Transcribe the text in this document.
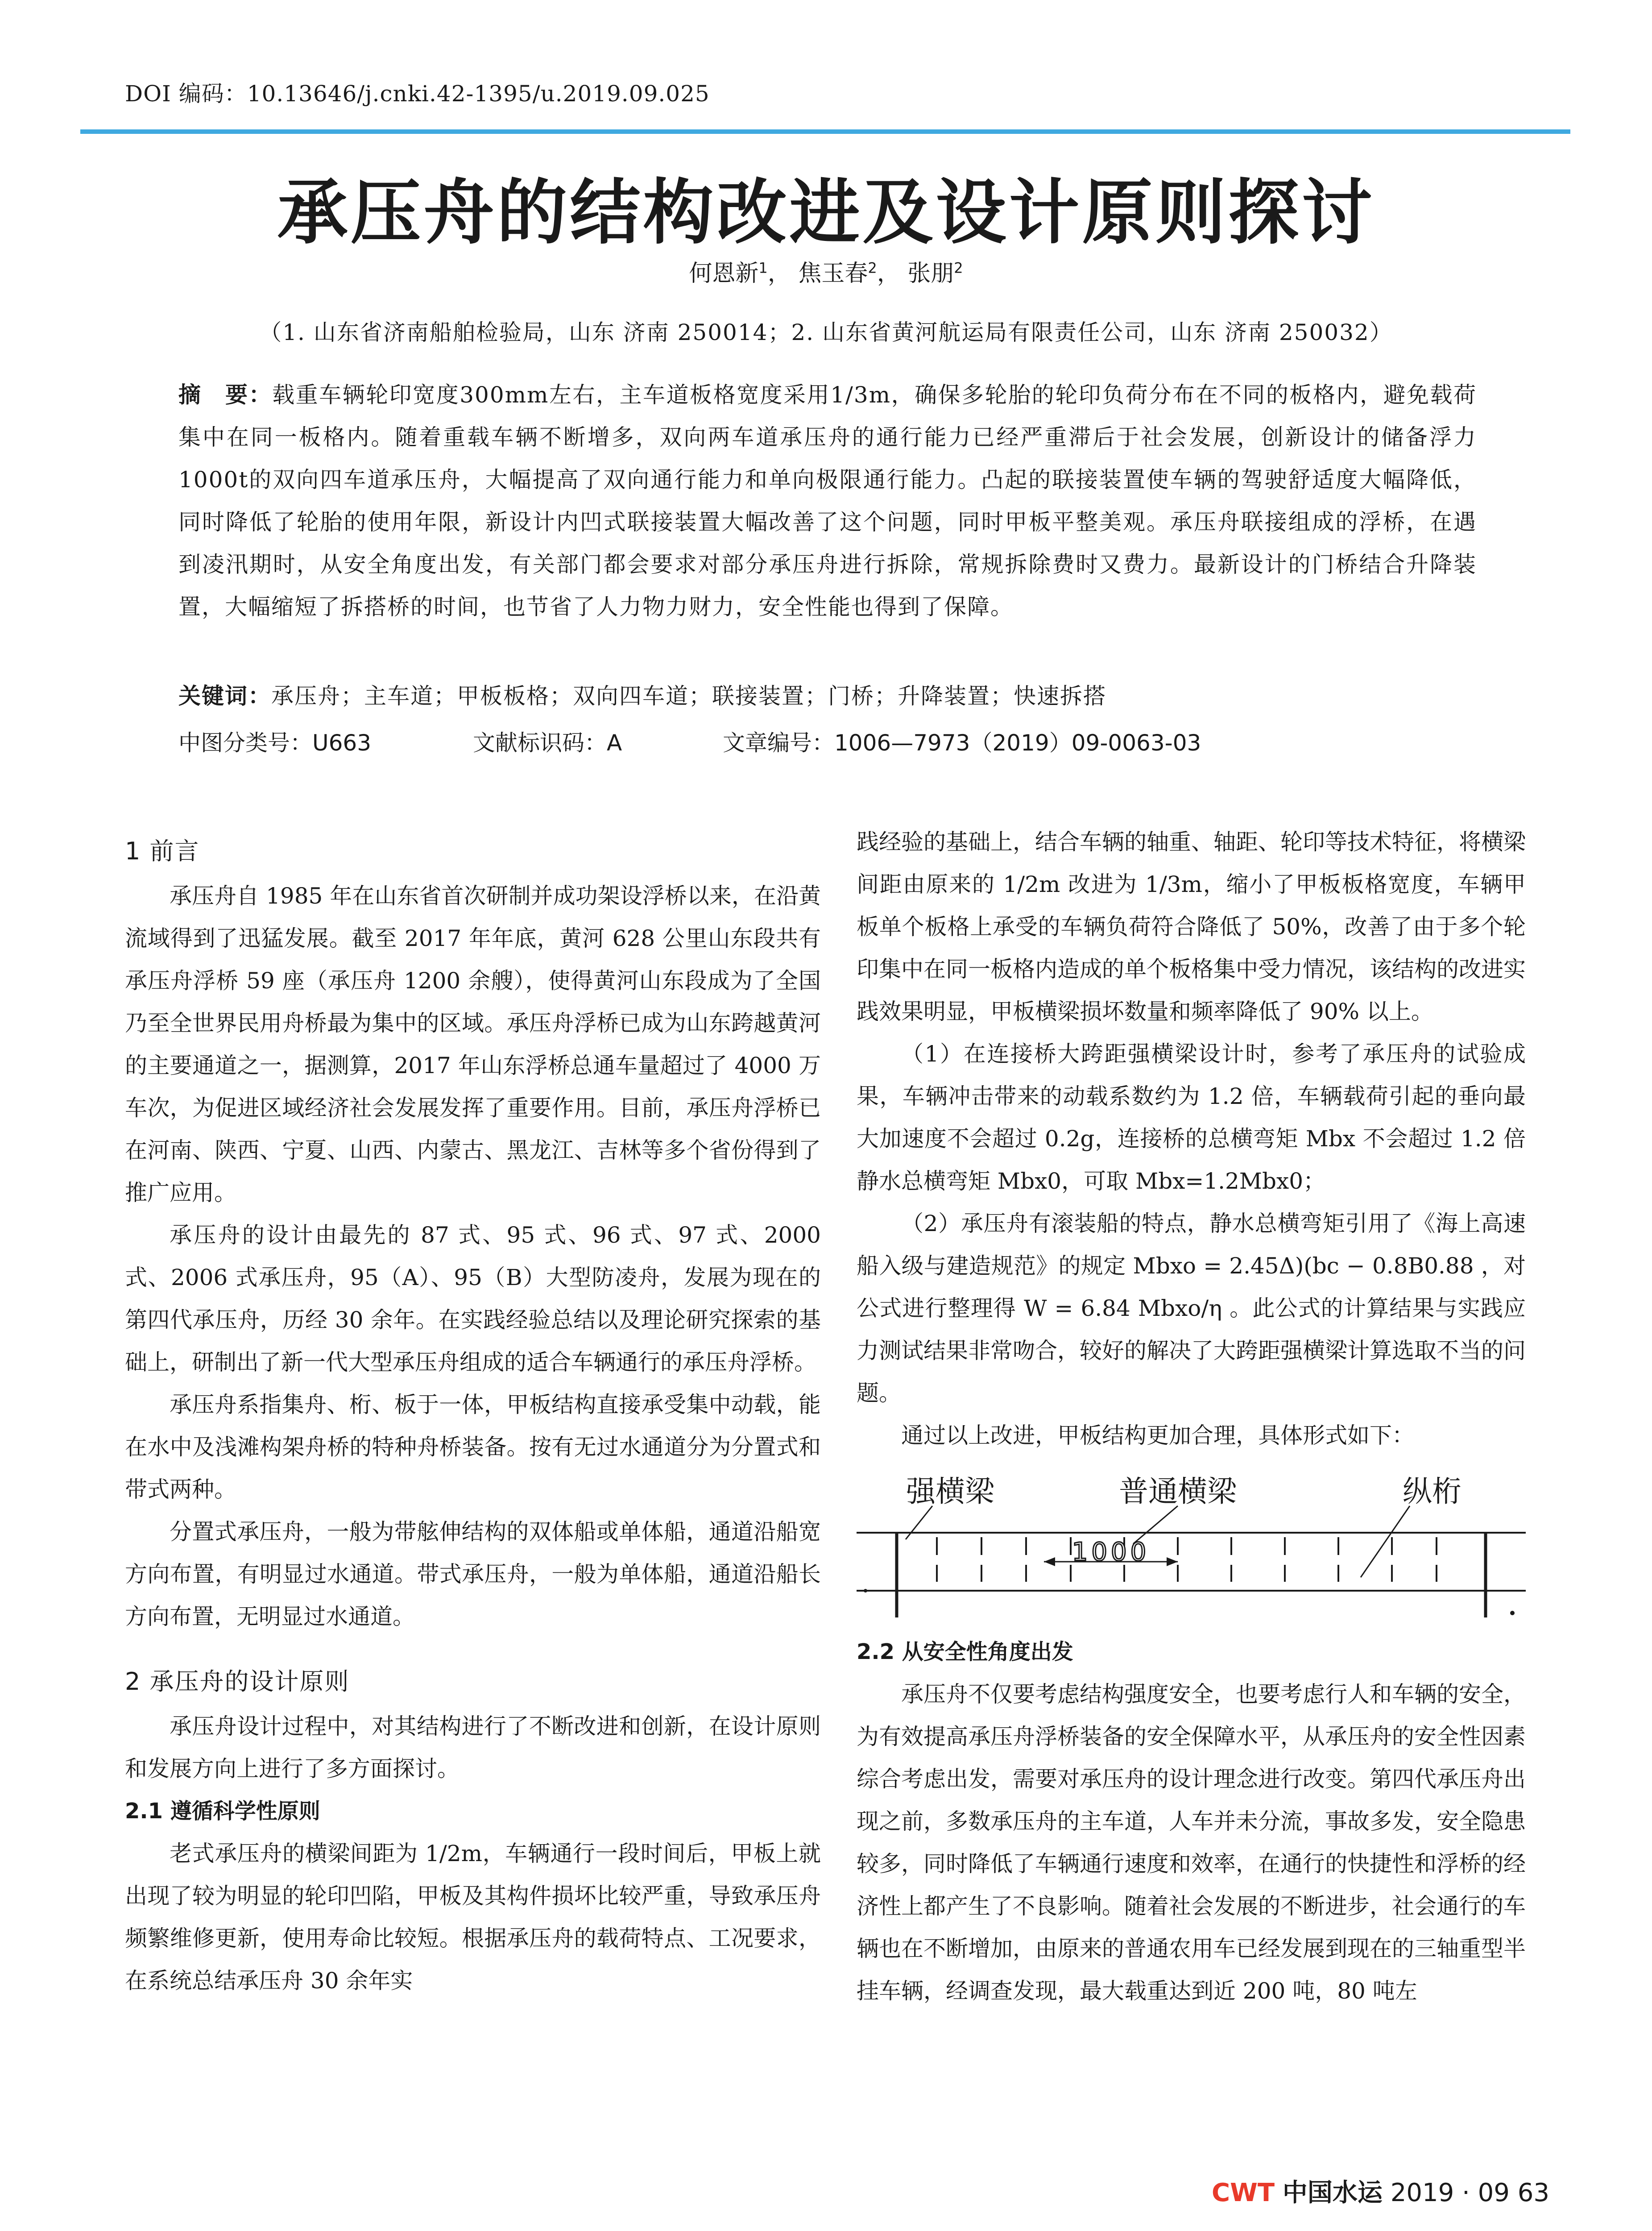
DOI 编码：10.13646/j.cnki.42-1395/u.2019.09.025
承压舟的结构改进及设计原则探讨
何恩新$^1$， 焦玉春$^2$， 张朋$^2$
（1. 山东省济南船舶检验局，山东 济南 250014；2. 山东省黄河航运局有限责任公司，山东 济南 250032）
摘　要：载重车辆轮印宽度300mm左右，主车道板格宽度采用1/3m，确保多轮胎的轮印负荷分布在不同的板格内，避免载荷集中在同一板格内。随着重载车辆不断增多，双向两车道承压舟的通行能力已经严重滞后于社会发展，创新设计的储备浮力1000t的双向四车道承压舟，大幅提高了双向通行能力和单向极限通行能力。凸起的联接装置使车辆的驾驶舒适度大幅降低，同时降低了轮胎的使用年限，新设计内凹式联接装置大幅改善了这个问题，同时甲板平整美观。承压舟联接组成的浮桥，在遇到凌汛期时，从安全角度出发，有关部门都会要求对部分承压舟进行拆除，常规拆除费时又费力。最新设计的门桥结合升降装置，大幅缩短了拆搭桥的时间，也节省了人力物力财力，安全性能也得到了保障。
关键词：承压舟；主车道；甲板板格；双向四车道；联接装置；门桥；升降装置；快速拆搭
中图分类号：U663	文献标识码：A	文章编号：1006—7973（2019）09-0063-03
1 前言

承压舟自 1985 年在山东省首次研制并成功架设浮桥以来，在沿黄流域得到了迅猛发展。截至 2017 年年底，黄河 628 公里山东段共有承压舟浮桥 59 座（承压舟 1200 余艘），使得黄河山东段成为了全国乃至全世界民用舟桥最为集中的区域。承压舟浮桥已成为山东跨越黄河的主要通道之一，据测算，2017 年山东浮桥总通车量超过了 4000 万车次，为促进区域经济社会发展发挥了重要作用。目前，承压舟浮桥已在河南、陕西、宁夏、山西、内蒙古、黑龙江、吉林等多个省份得到了推广应用。

承压舟的设计由最先的 87 式、95 式、96 式、97 式、2000 式、2006 式承压舟，95（A）、95（B）大型防凌舟，发展为现在的第四代承压舟，历经 30 余年。在实践经验总结以及理论研究探索的基础上，研制出了新一代大型承压舟组成的适合车辆通行的承压舟浮桥。

承压舟系指集舟、桁、板于一体，甲板结构直接承受集中动载，能在水中及浅滩构架舟桥的特种舟桥装备。按有无过水通道分为分置式和带式两种。

分置式承压舟，一般为带舷伸结构的双体船或单体船，通道沿船宽方向布置，有明显过水通道。带式承压舟，一般为单体船，通道沿船长方向布置，无明显过水通道。

2 承压舟的设计原则

承压舟设计过程中，对其结构进行了不断改进和创新，在设计原则和发展方向上进行了多方面探讨。

2.1 遵循科学性原则

老式承压舟的横梁间距为 1/2m，车辆通行一段时间后，甲板上就出现了较为明显的轮印凹陷，甲板及其构件损坏比较严重，导致承压舟频繁维修更新，使用寿命比较短。根据承压舟的载荷特点、工况要求，在系统总结承压舟 30 余年实

践经验的基础上，结合车辆的轴重、轴距、轮印等技术特征，将横梁间距由原来的 1/2m 改进为 1/3m，缩小了甲板板格宽度，车辆甲板单个板格上承受的车辆负荷符合降低了 50%，改善了由于多个轮印集中在同一板格内造成的单个板格集中受力情况，该结构的改进实践效果明显，甲板横梁损坏数量和频率降低了 90% 以上。

（1）在连接桥大跨距强横梁设计时，参考了承压舟的试验成果，车辆冲击带来的动载系数约为 1.2 倍，车辆载荷引起的垂向最大加速度不会超过 0.2g，连接桥的总横弯矩 Mbx 不会超过 1.2 倍静水总横弯矩 Mbx0，可取 Mbx=1.2Mbx0；

（2）承压舟有滚装船的特点，静水总横弯矩引用了《海上高速船入级与建造规范》的规定 Mbxo = 2.45Δ)(bc − 0.8B0.88 ，对公式进行整理得 W = 6.84 Mbxo/η 。此公式的计算结果与实践应力测试结果非常吻合，较好的解决了大跨距强横梁计算选取不当的问题。

通过以上改进，甲板结构更加合理，具体形式如下：

强横梁	普通横梁	纵桁
1000
2.2 从安全性角度出发

承压舟不仅要考虑结构强度安全，也要考虑行人和车辆的安全，为有效提高承压舟浮桥装备的安全保障水平，从承压舟的安全性因素综合考虑出发，需要对承压舟的设计理念进行改变。第四代承压舟出现之前，多数承压舟的主车道，人车并未分流，事故多发，安全隐患较多，同时降低了车辆通行速度和效率，在通行的快捷性和浮桥的经济性上都产生了不良影响。随着社会发展的不断进步，社会通行的车辆也在不断增加，由原来的普通农用车已经发展到现在的三轴重型半挂车辆，经调查发现，最大载重达到近 200 吨，80 吨左

CWT 中国水运 2019 · 09 63
